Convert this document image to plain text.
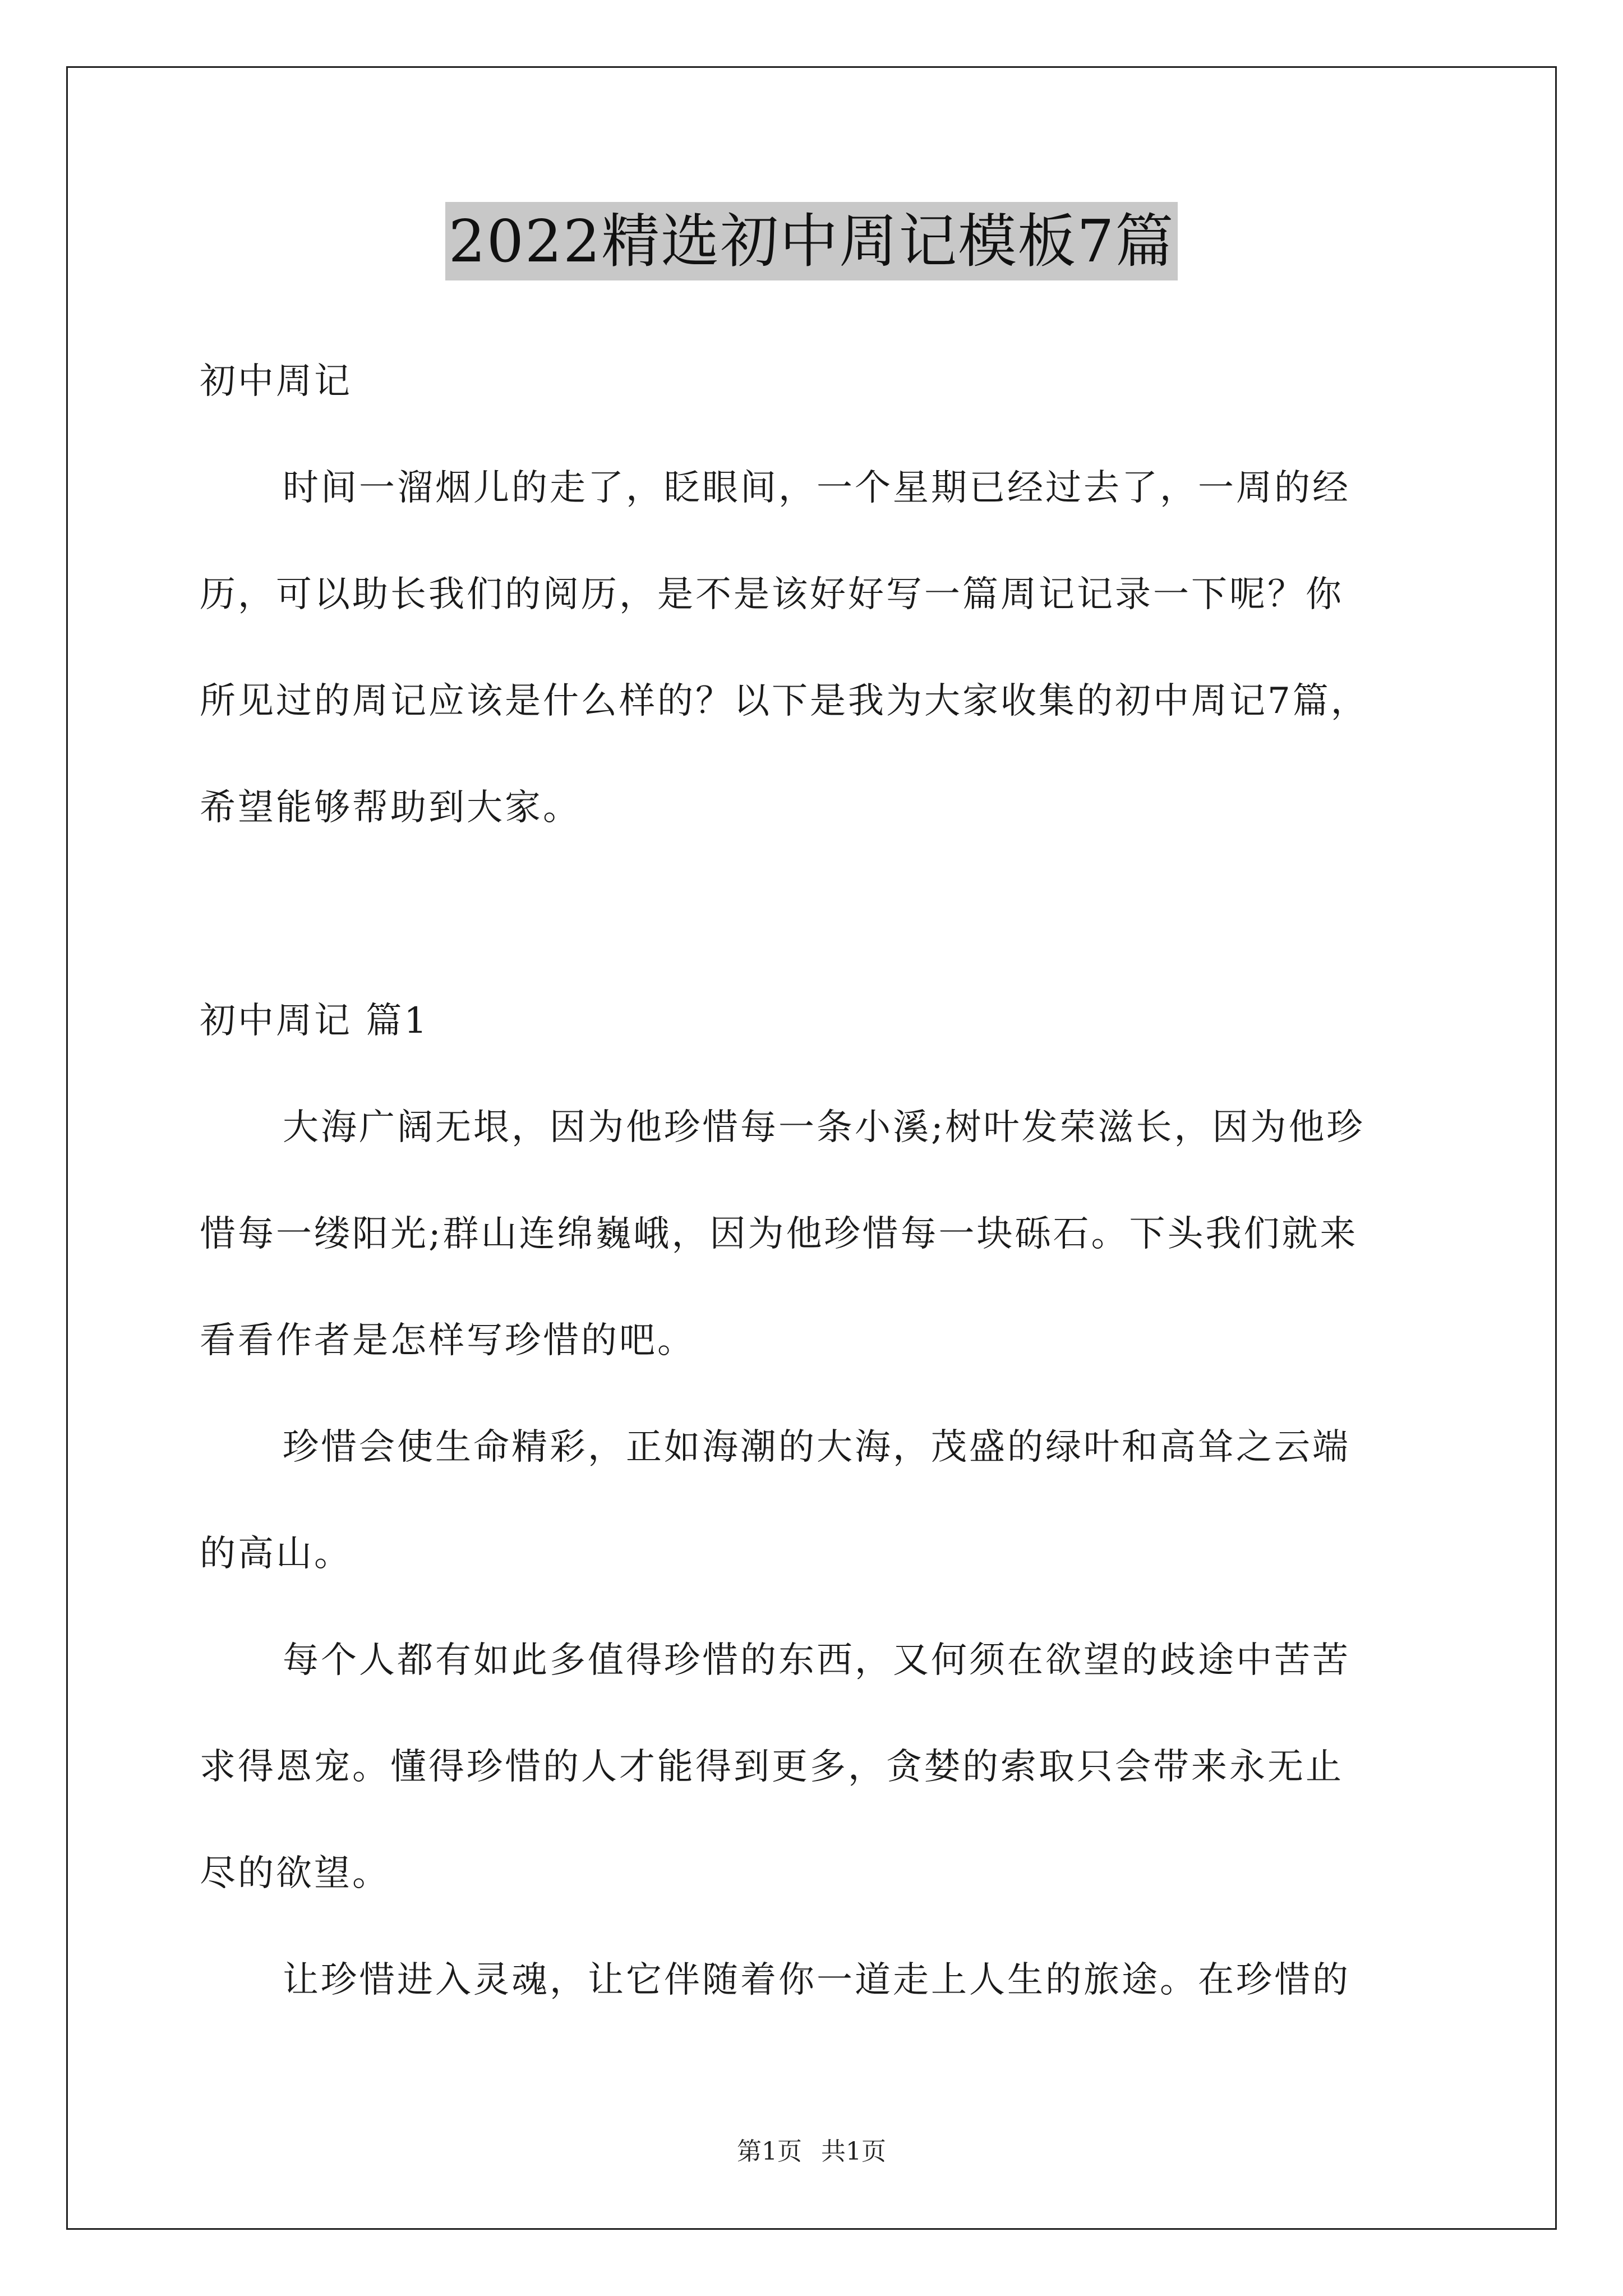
2022精选初中周记模板7篇
初中周记
时间一溜烟儿的走了，眨眼间，一个星期已经过去了，一周的经
历，可以助长我们的阅历，是不是该好好写一篇周记记录一下呢？你
所见过的周记应该是什么样的？以下是我为大家收集的初中周记7篇，
希望能够帮助到大家。
初中周记 篇1
大海广阔无垠，因为他珍惜每一条小溪;树叶发荣滋长，因为他珍
惜每一缕阳光;群山连绵巍峨，因为他珍惜每一块砾石。下头我们就来
看看作者是怎样写珍惜的吧。
珍惜会使生命精彩，正如海潮的大海，茂盛的绿叶和高耸之云端
的高山。
每个人都有如此多值得珍惜的东西，又何须在欲望的歧途中苦苦
求得恩宠。懂得珍惜的人才能得到更多，贪婪的索取只会带来永无止
尽的欲望。
让珍惜进入灵魂，让它伴随着你一道走上人生的旅途。在珍惜的
第1页 共1页
